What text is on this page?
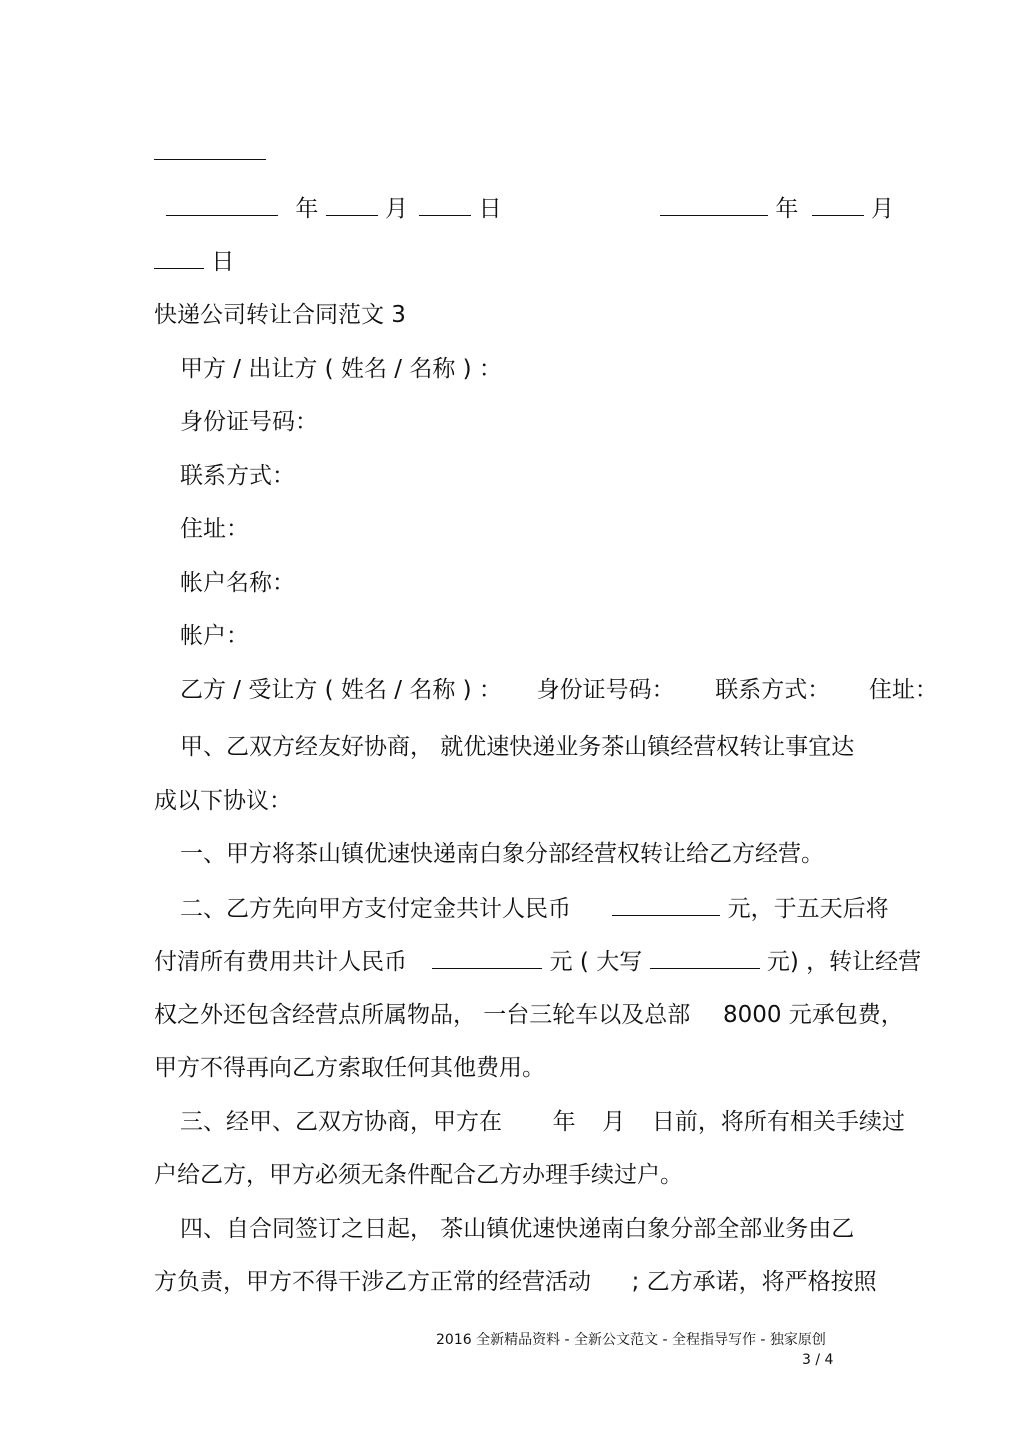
年	月	日	年	月
日
快递公司转让合同范文 3
甲方 / 出让方 ( 姓名 / 名称 ) ：
身份证号码：
联系方式：
住址：
帐户名称：
帐户：
乙方 / 受让方 ( 姓名 / 名称 ) ： 身份证号码： 联系方式： 住址：
甲、乙双方经友好协商， 就优速快递业务茶山镇经营权转让事宜达
成以下协议：
一、甲方将茶山镇优速快递南白象分部经营权转让给乙方经营。
二、乙方先向甲方支付定金共计人民币	元，于五天后将
付清所有费用共计人民币	元 ( 大写	元) ，转让经营
权之外还包含经营点所属物品， 一台三轮车以及总部 8000 元承包费，
甲方不得再向乙方索取任何其他费用。
三、经甲、乙双方协商，甲方在 年 月 日前，将所有相关手续过
户给乙方，甲方必须无条件配合乙方办理手续过户。
四、自合同签订之日起， 茶山镇优速快递南白象分部全部业务由乙
方负责，甲方不得干涉乙方正常的经营活动 ; 乙方承诺，将严格按照
2016 全新精品资料 - 全新公文范文 - 全程指导写作 - 独家原创
3 / 4
